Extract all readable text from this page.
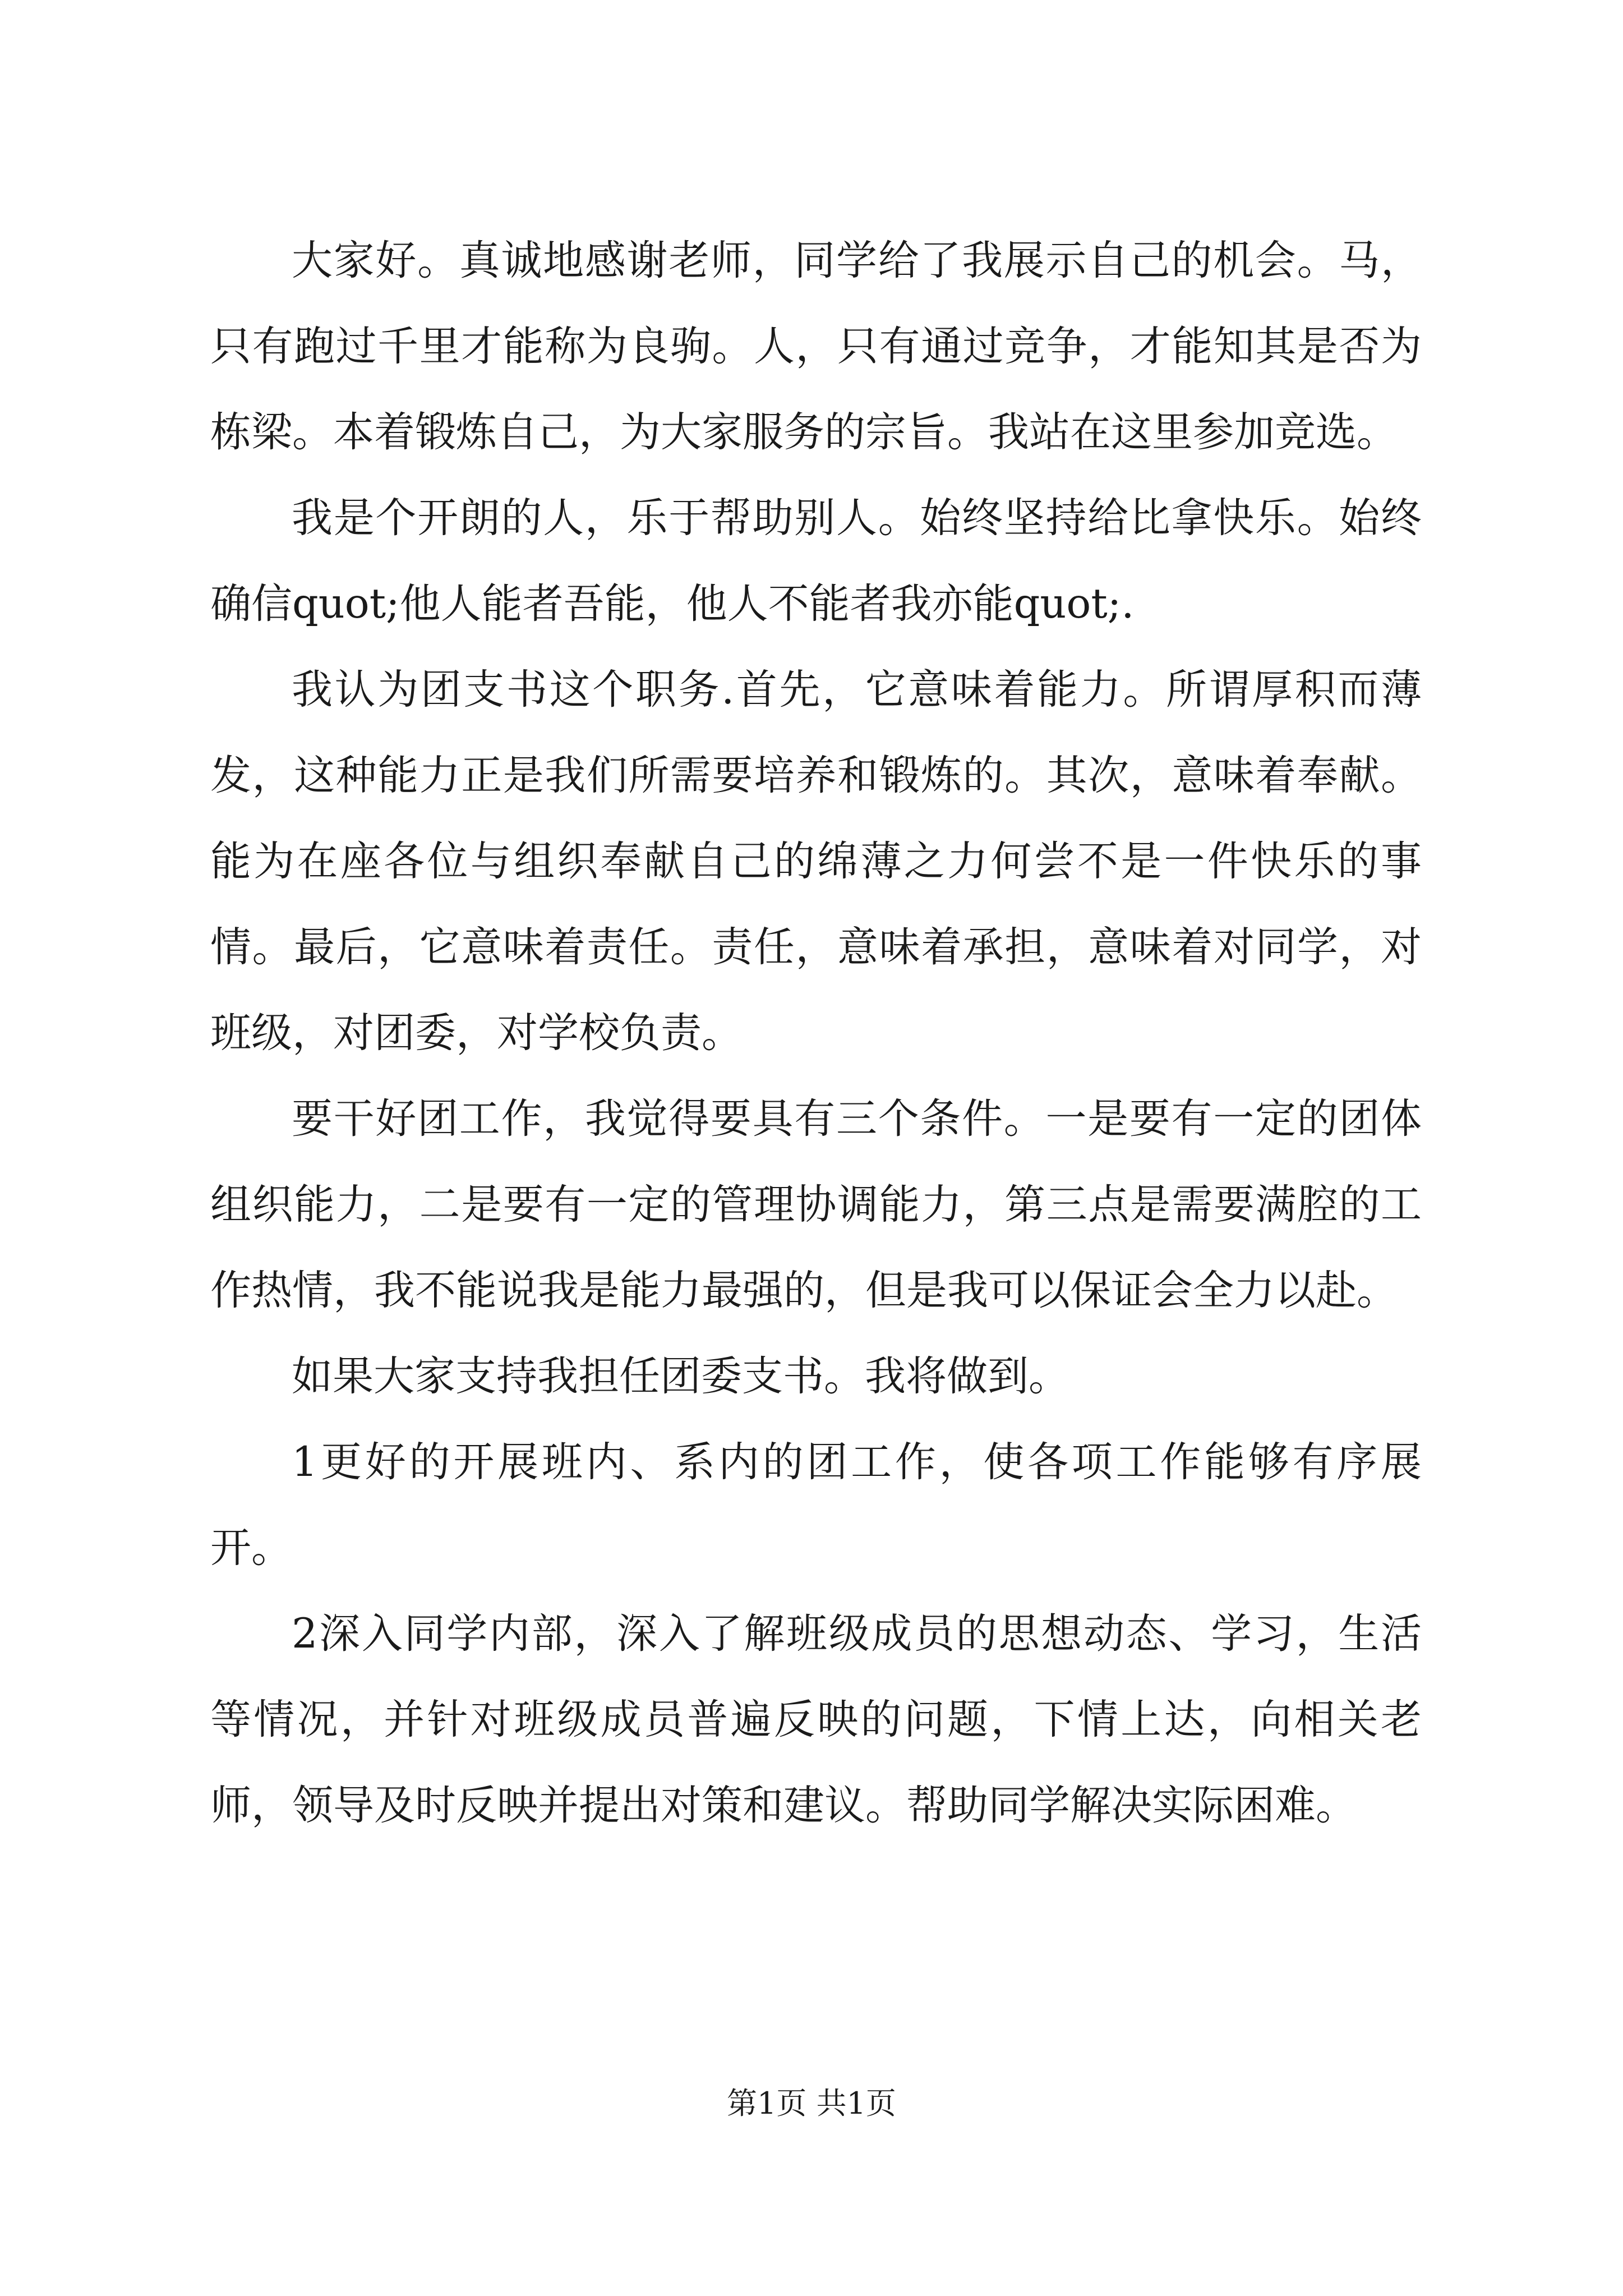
大家好。真诚地感谢老师，同学给了我展示自己的机会。马，只有跑过千里才能称为良驹。人，只有通过竞争，才能知其是否为栋梁。本着锻炼自己，为大家服务的宗旨。我站在这里参加竞选。

我是个开朗的人，乐于帮助别人。始终坚持给比拿快乐。始终确信quot;他人能者吾能，他人不能者我亦能quot;.

我认为团支书这个职务.首先，它意味着能力。所谓厚积而薄发，这种能力正是我们所需要培养和锻炼的。其次，意味着奉献。能为在座各位与组织奉献自己的绵薄之力何尝不是一件快乐的事情。最后，它意味着责任。责任，意味着承担，意味着对同学，对班级，对团委，对学校负责。

要干好团工作，我觉得要具有三个条件。一是要有一定的团体组织能力，二是要有一定的管理协调能力，第三点是需要满腔的工作热情，我不能说我是能力最强的，但是我可以保证会全力以赴。

如果大家支持我担任团委支书。我将做到。

1更好的开展班内、系内的团工作，使各项工作能够有序展开。

2深入同学内部，深入了解班级成员的思想动态、学习，生活等情况，并针对班级成员普遍反映的问题，下情上达，向相关老师，领导及时反映并提出对策和建议。帮助同学解决实际困难。

第1页 共1页
